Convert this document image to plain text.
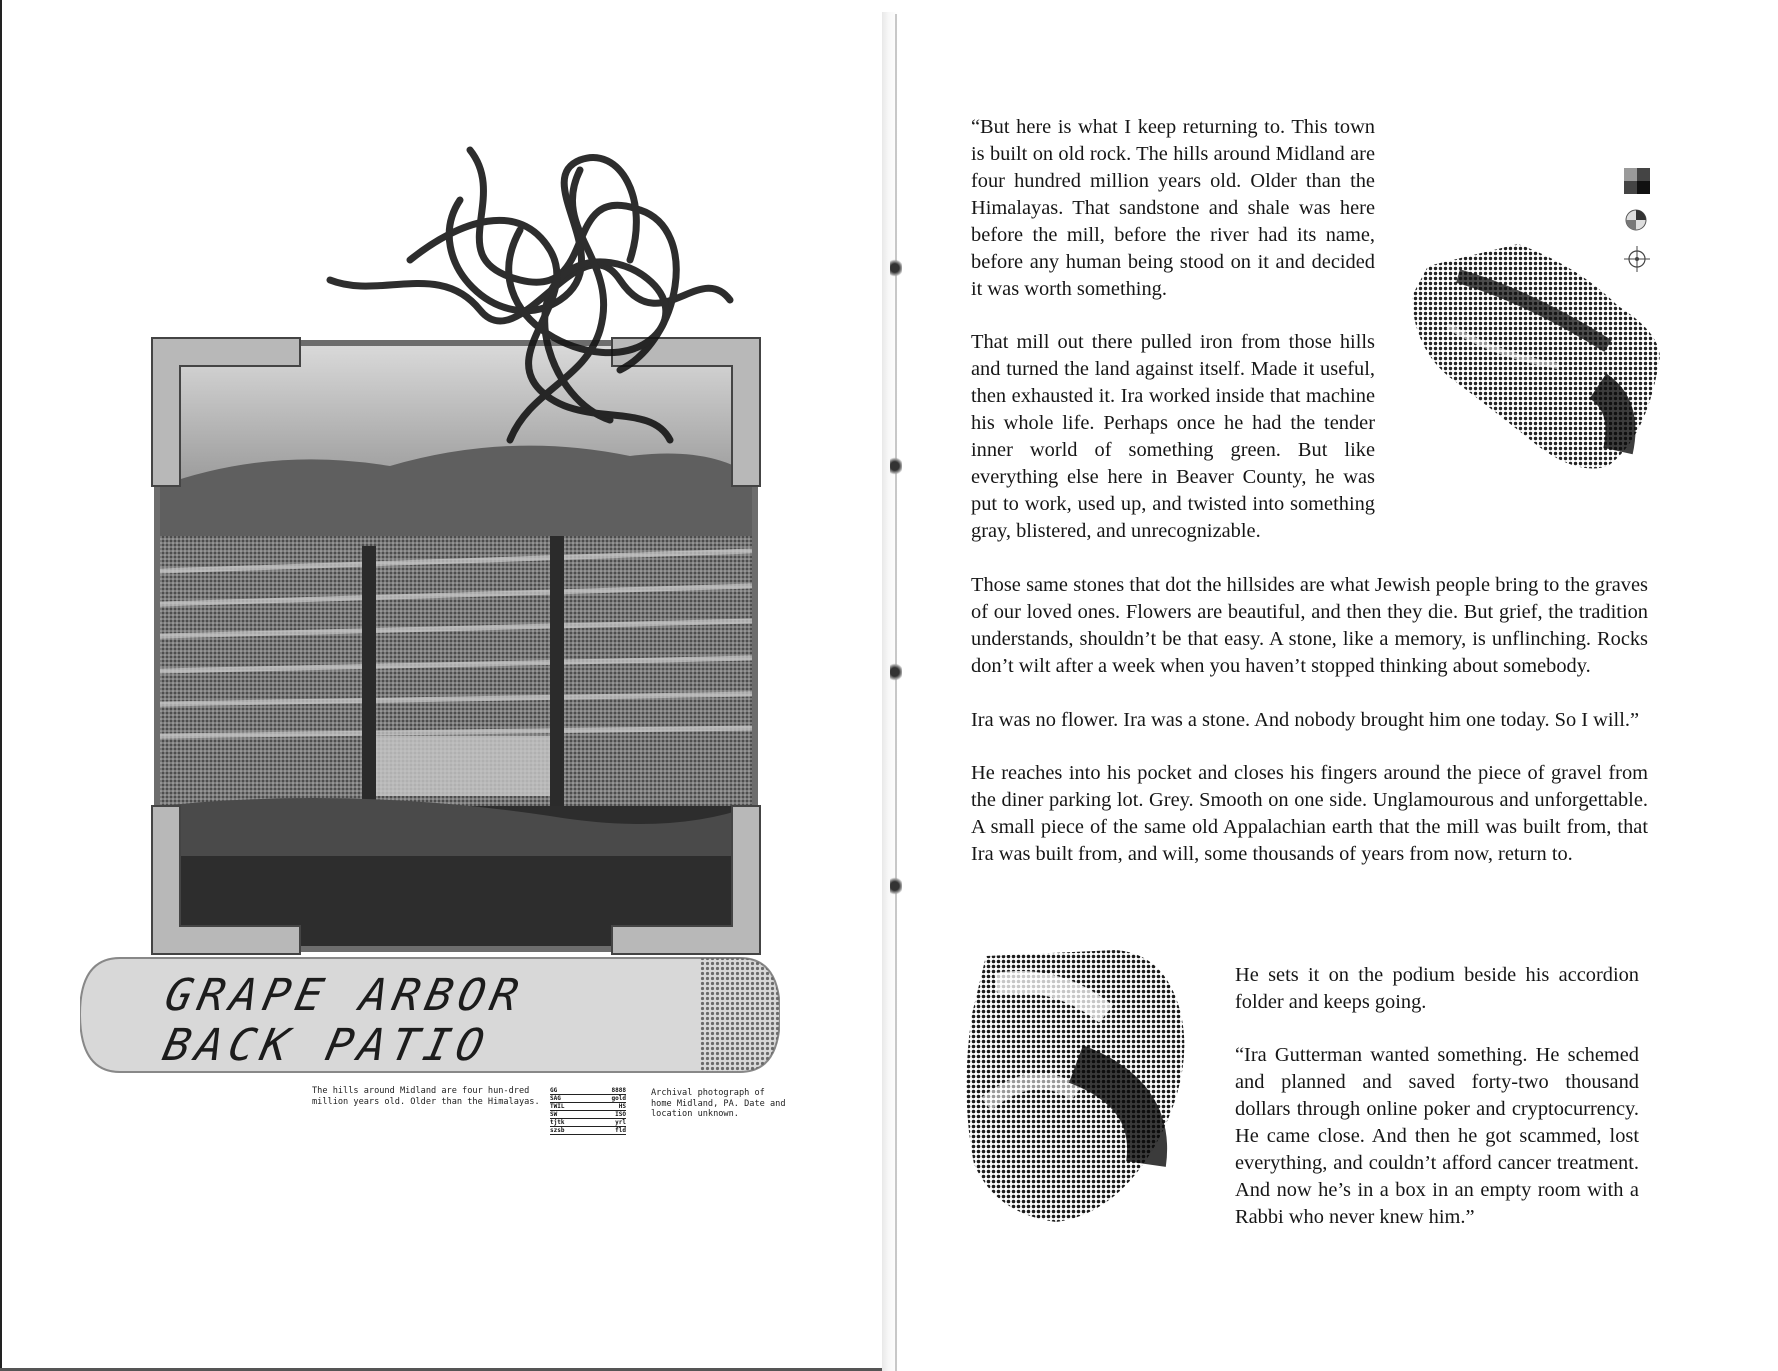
GRAPE ARBOR
BACK PATIO
The hills around Midland are four hun-dred million years old. Older than the Himalayas.
GG	8888
SAG	gold
TWIL	HS
SW	ISO
tjtk	yrl
szsb	fld
Archival photograph of home Midland, PA. Date and location unknown.

“But here is what I keep returning to. This town is built on old rock. The hills around Midland are four hundred million years old. Older than the Himalayas. That sandstone and shale was here before the mill, before the river had its name, before any human being stood on it and decided it was worth something.

That mill out there pulled iron from those hills and turned the land against itself. Made it useful, then exhausted it. Ira worked inside that machine his whole life. Perhaps once he had the tender inner world of something green. But like everything else here in Beaver County, he was put to work, used up, and twisted into something gray, blistered, and unrecognizable.

Those same stones that dot the hillsides are what Jewish people bring to the graves of our loved ones. Flowers are beautiful, and then they die. But grief, the tradition understands, shouldn’t be that easy. A stone, like a memory, is unflinching. Rocks don’t wilt after a week when you haven’t stopped thinking about somebody.

Ira was no flower. Ira was a stone. And nobody brought him one today. So I will.”

He reaches into his pocket and closes his fingers around the piece of gravel from the diner parking lot. Grey. Smooth on one side. Unglamourous and unforgettable. A small piece of the same old Appalachian earth that the mill was built from, that Ira was built from, and will, some thousands of years from now, return to.

He sets it on the podium beside his accordion folder and keeps going.

“Ira Gutterman wanted something. He schemed and planned and saved forty-two thousand dollars through online poker and cryptocurrency. He came close. And then he got scammed, lost everything, and couldn’t afford cancer treatment. And now he’s in a box in an empty room with a Rabbi who never knew him.”
